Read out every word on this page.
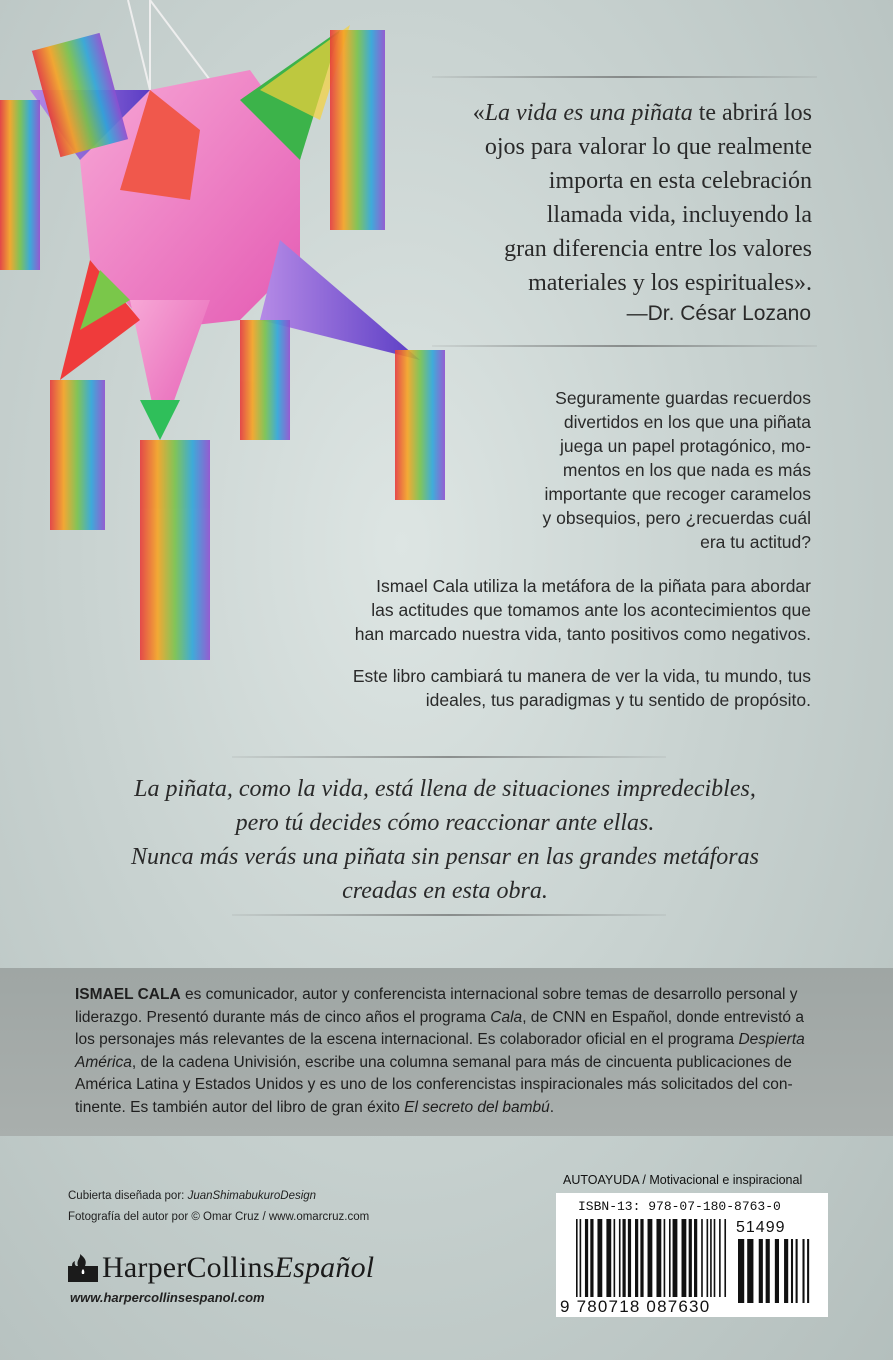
«La vida es una piñata te abrirá los
ojos para valorar lo que realmente
importa en esta celebración
llamada vida, incluyendo la
gran diferencia entre los valores
materiales y los espirituales».
—Dr. César Lozano
Seguramente guardas recuerdos
divertidos en los que una piñata
juega un papel protagónico, mo-
mentos en los que nada es más
importante que recoger caramelos
y obsequios, pero ¿recuerdas cuál
era tu actitud?
Ismael Cala utiliza la metáfora de la piñata para abordar
las actitudes que tomamos ante los acontecimientos que
han marcado nuestra vida, tanto positivos como negativos.
Este libro cambiará tu manera de ver la vida, tu mundo, tus
ideales, tus paradigmas y tu sentido de propósito.
La piñata, como la vida, está llena de situaciones impredecibles,
pero tú decides cómo reaccionar ante ellas.
Nunca más verás una piñata sin pensar en las grandes metáforas
creadas en esta obra.
ISMAEL CALA es comunicador, autor y conferencista internacional sobre temas de desarrollo personal y
liderazgo. Presentó durante más de cinco años el programa Cala, de CNN en Español, donde entrevistó a
los personajes más relevantes de la escena internacional. Es colaborador oficial en el programa Despierta
América, de la cadena Univisión, escribe una columna semanal para más de cincuenta publicaciones de
América Latina y Estados Unidos y es uno de los conferencistas inspiracionales más solicitados del con-
tinente. Es también autor del libro de gran éxito El secreto del bambú.
Cubierta diseñada por: JuanShimabukuroDesign
Fotografía del autor por © Omar Cruz / www.omarcruz.com
HarperCollinsEspañol
www.harpercollinsespanol.com
AUTOAYUDA / Motivacional e inspiracional
ISBN-13: 978-07-180-8763-0
51499
9 780718 087630
